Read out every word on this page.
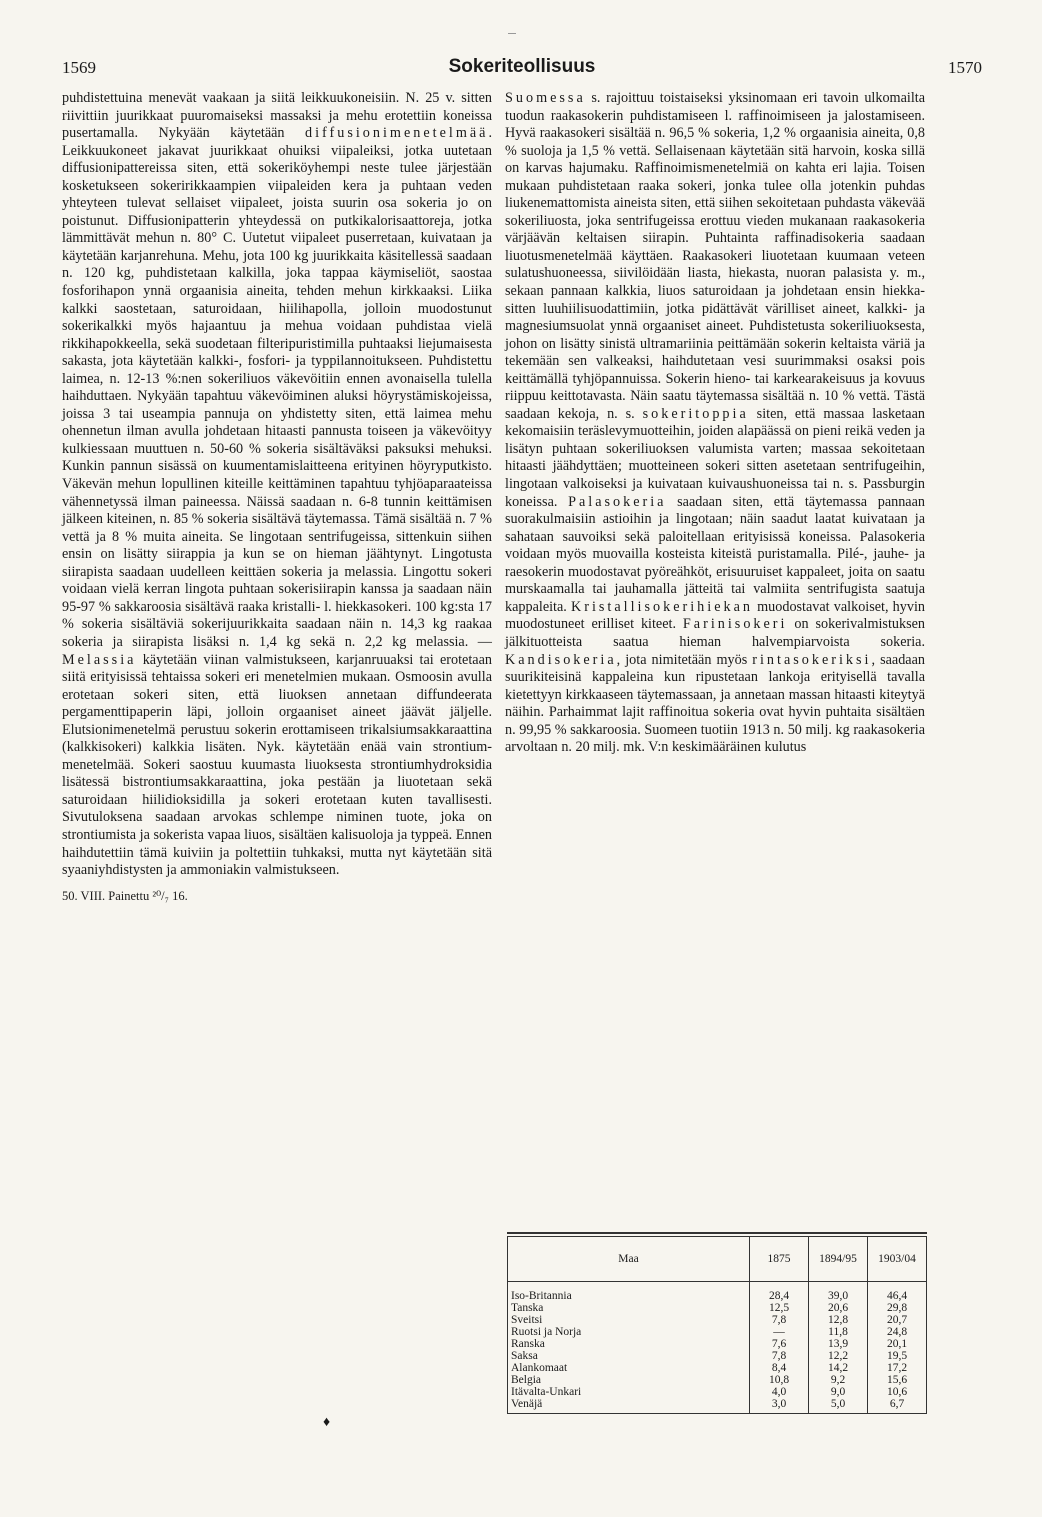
1569	Sokeriteollisuus	1570

puhdistettuina menevät vaakaan ja siitä leikkuukoneisiin. N. 25 v. sitten riivittiin juurikkaat puuromaiseksi massaksi ja mehu erotettiin koneissa pusertamalla. Nykyään käytetään diffusionimenetelmää. Leikkuukoneet jakavat juurikkaat ohuiksi viipaleiksi, jotka uutetaan diffusionipattereissa siten, että sokeriköyhempi neste tulee järjestään kosketukseen sokeririkkaampien viipaleiden kera ja puhtaan veden yhteyteen tulevat sellaiset viipaleet, joista suurin osa sokeria jo on poistunut. Diffusionipatterin yhteydessä on putkikalorisaattoreja, jotka lämmittävät mehun n. 80° C. Uutetut viipaleet puserretaan, kuivataan ja käytetään karjanrehuna. Mehu, jota 100 kg juurikkaita käsitellessä saadaan n. 120 kg, puhdistetaan kalkilla, joka tappaa käymiseliöt, saostaa fosforihapon ynnä orgaanisia aineita, tehden mehun kirkkaaksi. Liika kalkki saostetaan, saturoidaan, hiilihapolla, jolloin muodostunut sokerikalkki myös hajaantuu ja mehua voidaan puhdistaa vielä rikkihapokkeella, sekä suodetaan filteripuristimilla puhtaaksi liejumaisesta sakasta, jota käytetään kalkki-, fosfori- ja typpilannoitukseen. Puhdistettu laimea, n. 12-13 %:nen sokeriliuos väkevöitiin ennen avonaisella tulella haihduttaen. Nykyään tapahtuu väkevöiminen aluksi höyrystämiskojeissa, joissa 3 tai useampia pannuja on yhdistetty siten, että laimea mehu ohennetun ilman avulla johdetaan hitaasti pannusta toiseen ja väkevöityy kulkiessaan muuttuen n. 50-60 % sokeria sisältäväksi paksuksi mehuksi. Kunkin pannun sisässä on kuumentamislaitteena erityinen höyryputkisto. Väkevän mehun lopullinen kiteille keittäminen tapahtuu tyhjöaparaateissa vähennetyssä ilman paineessa. Näissä saadaan n. 6-8 tunnin keittämisen jälkeen kiteinen, n. 85 % sokeria sisältävä täytemassa. Tämä sisältää n. 7 % vettä ja 8 % muita aineita. Se lingotaan sentrifugeissa, sittenkuin siihen ensin on lisätty siirappia ja kun se on hieman jäähtynyt. Lingotusta siirapista saadaan uudelleen keittäen sokeria ja melassia. Lingottu sokeri voidaan vielä kerran lingota puhtaan sokerisiirapin kanssa ja saadaan näin 95-97 % sakkaroosia sisältävä raaka kristalli- l. hiekkasokeri. 100 kg:sta 17 % sokeria sisältäviä sokerijuurikkaita saadaan näin n. 14,3 kg raakaa sokeria ja siirapista lisäksi n. 1,4 kg sekä n. 2,2 kg melassia. — Melassia käytetään viinan valmistukseen, karjanruuaksi tai erotetaan siitä erityisissä tehtaissa sokeri eri menetelmien mukaan. Osmoosin avulla erotetaan sokeri siten, että liuoksen annetaan diffundeerata pergamenttipaperin läpi, jolloin orgaaniset aineet jäävät jäljelle. Elutsionimenetelmä perustuu sokerin erottamiseen trikalsiumsakkaraattina (kalkkisokeri) kalkkia lisäten. Nyk. käytetään enää vain strontium-menetelmää. Sokeri saostuu kuumasta liuoksesta strontiumhydroksidia lisätessä bistrontiumsakkaraattina, joka pestään ja liuotetaan sekä saturoidaan hiilidioksidilla ja sokeri erotetaan kuten tavallisesti. Sivutuloksena saadaan arvokas schlempe niminen tuote, joka on strontiumista ja sokerista vapaa liuos, sisältäen kalisuoloja ja typpeä. Ennen haihdutettiin tämä kuiviin ja poltettiin tuhkaksi, mutta nyt käytetään sitä syaaniyhdistysten ja ammoniakin valmistukseen.

50. VIII. Painettu ²⁰/₇ 16.

Suomessa s. rajoittuu toistaiseksi yksinomaan eri tavoin ulkomailta tuodun raakasokerin puhdistamiseen l. raffinoimiseen ja jalostamiseen. Hyvä raakasokeri sisältää n. 96,5 % sokeria, 1,2 % orgaanisia aineita, 0,8 % suoloja ja 1,5 % vettä. Sellaisenaan käytetään sitä harvoin, koska sillä on karvas hajumaku. Raffinoimismenetelmiä on kahta eri lajia. Toisen mukaan puhdistetaan raaka sokeri, jonka tulee olla jotenkin puhdas liukenemattomista aineista siten, että siihen sekoitetaan puhdasta väkevää sokeriliuosta, joka sentrifugeissa erottuu vieden mukanaan raakasokeria värjäävän keltaisen siirapin. Puhtainta raffinadisokeria saadaan liuotusmenetelmää käyttäen. Raakasokeri liuotetaan kuumaan veteen sulatushuoneessa, siivilöidään liasta, hiekasta, nuoran palasista y. m., sekaan pannaan kalkkia, liuos saturoidaan ja johdetaan ensin hiekka- sitten luuhiilisuodattimiin, jotka pidättävät värilliset aineet, kalkki- ja magnesiumsuolat ynnä orgaaniset aineet. Puhdistetusta sokeriliuoksesta, johon on lisätty sinistä ultramariinia peittämään sokerin keltaista väriä ja tekemään sen valkeaksi, haihdutetaan vesi suurimmaksi osaksi pois keittämällä tyhjöpannuissa. Sokerin hieno- tai karkearakeisuus ja kovuus riippuu keittotavasta. Näin saatu täytemassa sisältää n. 10 % vettä. Tästä saadaan kekoja, n. s. sokeritoppia siten, että massaa lasketaan kekomaisiin teräslevymuotteihin, joiden alapäässä on pieni reikä veden ja lisätyn puhtaan sokeriliuoksen valumista varten; massaa sekoitetaan hitaasti jäähdyttäen; muotteineen sokeri sitten asetetaan sentrifugeihin, lingotaan valkoiseksi ja kuivataan kuivaushuoneissa tai n. s. Passburgin koneissa. Palasokeria saadaan siten, että täytemassa pannaan suorakulmaisiin astioihin ja lingotaan; näin saadut laatat kuivataan ja sahataan sauvoiksi sekä paloitellaan erityisissä koneissa. Palasokeria voidaan myös muovailla kosteista kiteistä puristamalla. Pilé-, jauhe- ja raesokerin muodostavat pyöreähköt, erisuuruiset kappaleet, joita on saatu murskaamalla tai jauhamalla jätteitä tai valmiita sentrifugista saatuja kappaleita. Kristallisokerihiekan muodostavat valkoiset, hyvin muodostuneet erilliset kiteet. Farinisokeri on sokerivalmistuksen jälkituotteista saatua hieman halvempiarvoista sokeria. Kandisokeria, jota nimitetään myös rintasokeriksi, saadaan suurikiteisinä kappaleina kun ripustetaan lankoja erityisellä tavalla kietettyyn kirkkaaseen täytemassaan, ja annetaan massan hitaasti kiteytyä näihin. Parhaimmat lajit raffinoituа sokeria ovat hyvin puhtaita sisältäen n. 99,95 % sakkaroosia. Suomeen tuotiin 1913 n. 50 milj. kg raakasokeria arvoltaan n. 20 milj. mk. V:n keskimääräinen kulutus

Maa	1875	1894/95	1903/04
Iso-Britannia	28,4	39,0	46,4
Tanska	12,5	20,6	29,8
Sveitsi	7,8	12,8	20,7
Ruotsi ja Norja	—	11,8	24,8
Ranska	7,6	13,9	20,1
Saksa	7,8	12,2	19,5
Alankomaat	8,4	14,2	17,2
Belgia	10,8	9,2	15,6
Itävalta-Unkari	4,0	9,0	10,6
Venäjä	3,0	5,0	6,7
♦
